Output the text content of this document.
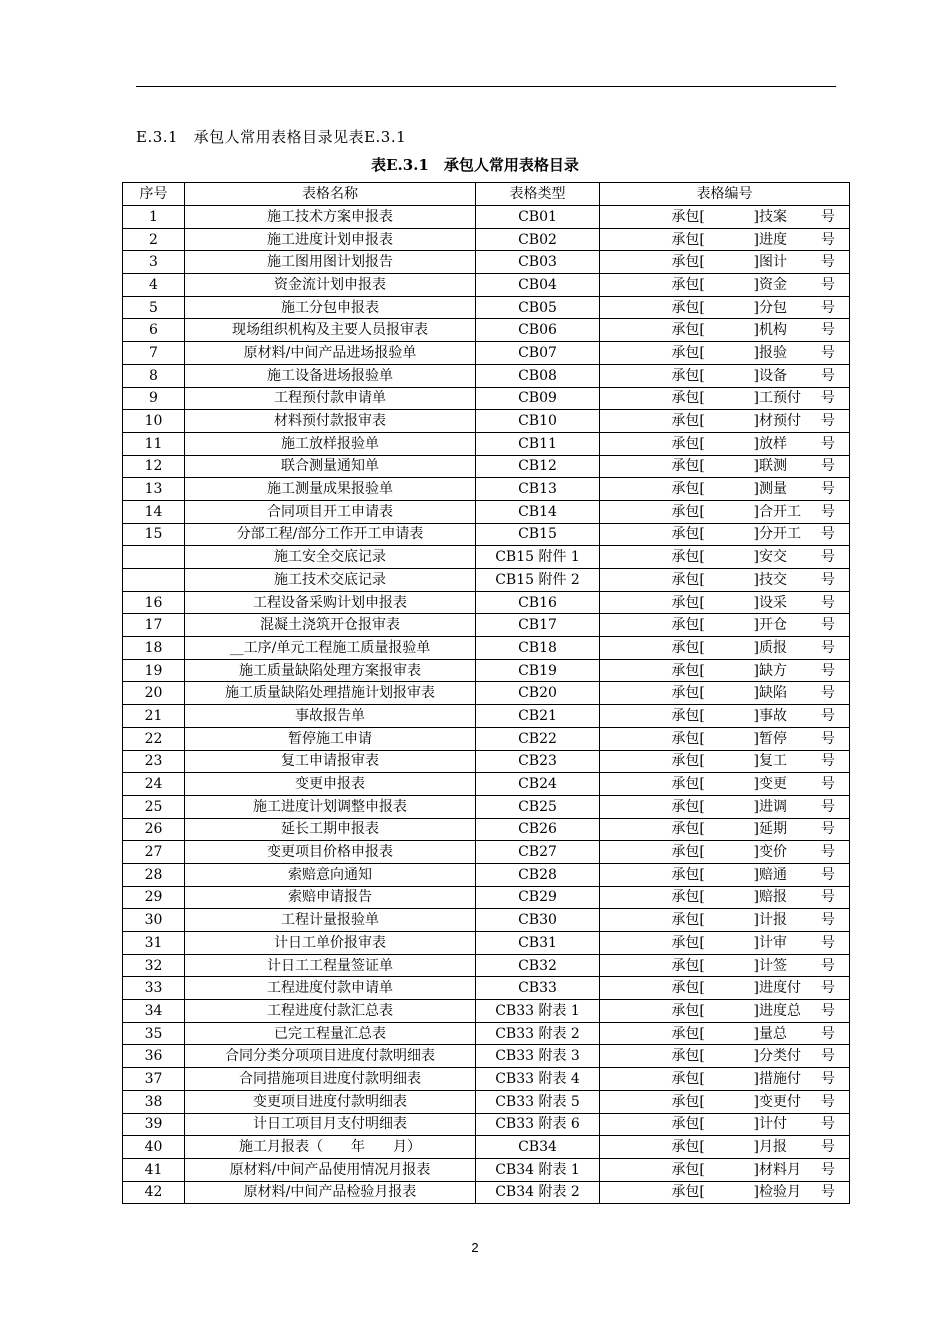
E.3.1　承包人常用表格目录见表E.3.1
表E.3.1　承包人常用表格目录
序号	表格名称	表格类型	表格编号
1	施工技术方案申报表	CB01	承包[ ]技案 号

2	施工进度计划申报表	CB02	承包[ ]进度 号

3	施工图用图计划报告	CB03	承包[ ]图计 号

4	资金流计划申报表	CB04	承包[ ]资金 号

5	施工分包申报表	CB05	承包[ ]分包 号

6	现场组织机构及主要人员报审表	CB06	承包[ ]机构 号

7	原材料/中间产品进场报验单	CB07	承包[ ]报验 号

8	施工设备进场报验单	CB08	承包[ ]设备 号

9	工程预付款申请单	CB09	承包[ ]工预付 号

10	材料预付款报审表	CB10	承包[ ]材预付 号

11	施工放样报验单	CB11	承包[ ]放样 号

12	联合测量通知单	CB12	承包[ ]联测 号

13	施工测量成果报验单	CB13	承包[ ]测量 号

14	合同项目开工申请表	CB14	承包[ ]合开工 号

15	分部工程/部分工作开工申请表	CB15	承包[ ]分开工 号

	施工安全交底记录	CB15 附件 1	承包[ ]安交 号

	施工技术交底记录	CB15 附件 2	承包[ ]技交 号

16	工程设备采购计划申报表	CB16	承包[ ]设采 号

17	混凝土浇筑开仓报审表	CB17	承包[ ]开仓 号

18	__工序/单元工程施工质量报验单	CB18	承包[ ]质报 号

19	施工质量缺陷处理方案报审表	CB19	承包[ ]缺方 号

20	施工质量缺陷处理措施计划报审表	CB20	承包[ ]缺陷 号

21	事故报告单	CB21	承包[ ]事故 号

22	暂停施工申请	CB22	承包[ ]暂停 号

23	复工申请报审表	CB23	承包[ ]复工 号

24	变更申报表	CB24	承包[ ]变更 号

25	施工进度计划调整申报表	CB25	承包[ ]进调 号

26	延长工期申报表	CB26	承包[ ]延期 号

27	变更项目价格申报表	CB27	承包[ ]变价 号

28	索赔意向通知	CB28	承包[ ]赔通 号

29	索赔申请报告	CB29	承包[ ]赔报 号

30	工程计量报验单	CB30	承包[ ]计报 号

31	计日工单价报审表	CB31	承包[ ]计审 号

32	计日工工程量签证单	CB32	承包[ ]计签 号

33	工程进度付款申请单	CB33	承包[ ]进度付 号

34	工程进度付款汇总表	CB33 附表 1	承包[ ]进度总 号

35	已完工程量汇总表	CB33 附表 2	承包[ ]量总 号

36	合同分类分项项目进度付款明细表	CB33 附表 3	承包[ ]分类付 号

37	合同措施项目进度付款明细表	CB33 附表 4	承包[ ]措施付 号

38	变更项目进度付款明细表	CB33 附表 5	承包[ ]变更付 号

39	计日工项目月支付明细表	CB33 附表 6	承包[ ]计付 号

40	施工月报表（　　年　　月）	CB34	承包[ ]月报 号

41	原材料/中间产品使用情况月报表	CB34 附表 1	承包[ ]材料月 号

42	原材料/中间产品检验月报表	CB34 附表 2	承包[ ]检验月 号
2
